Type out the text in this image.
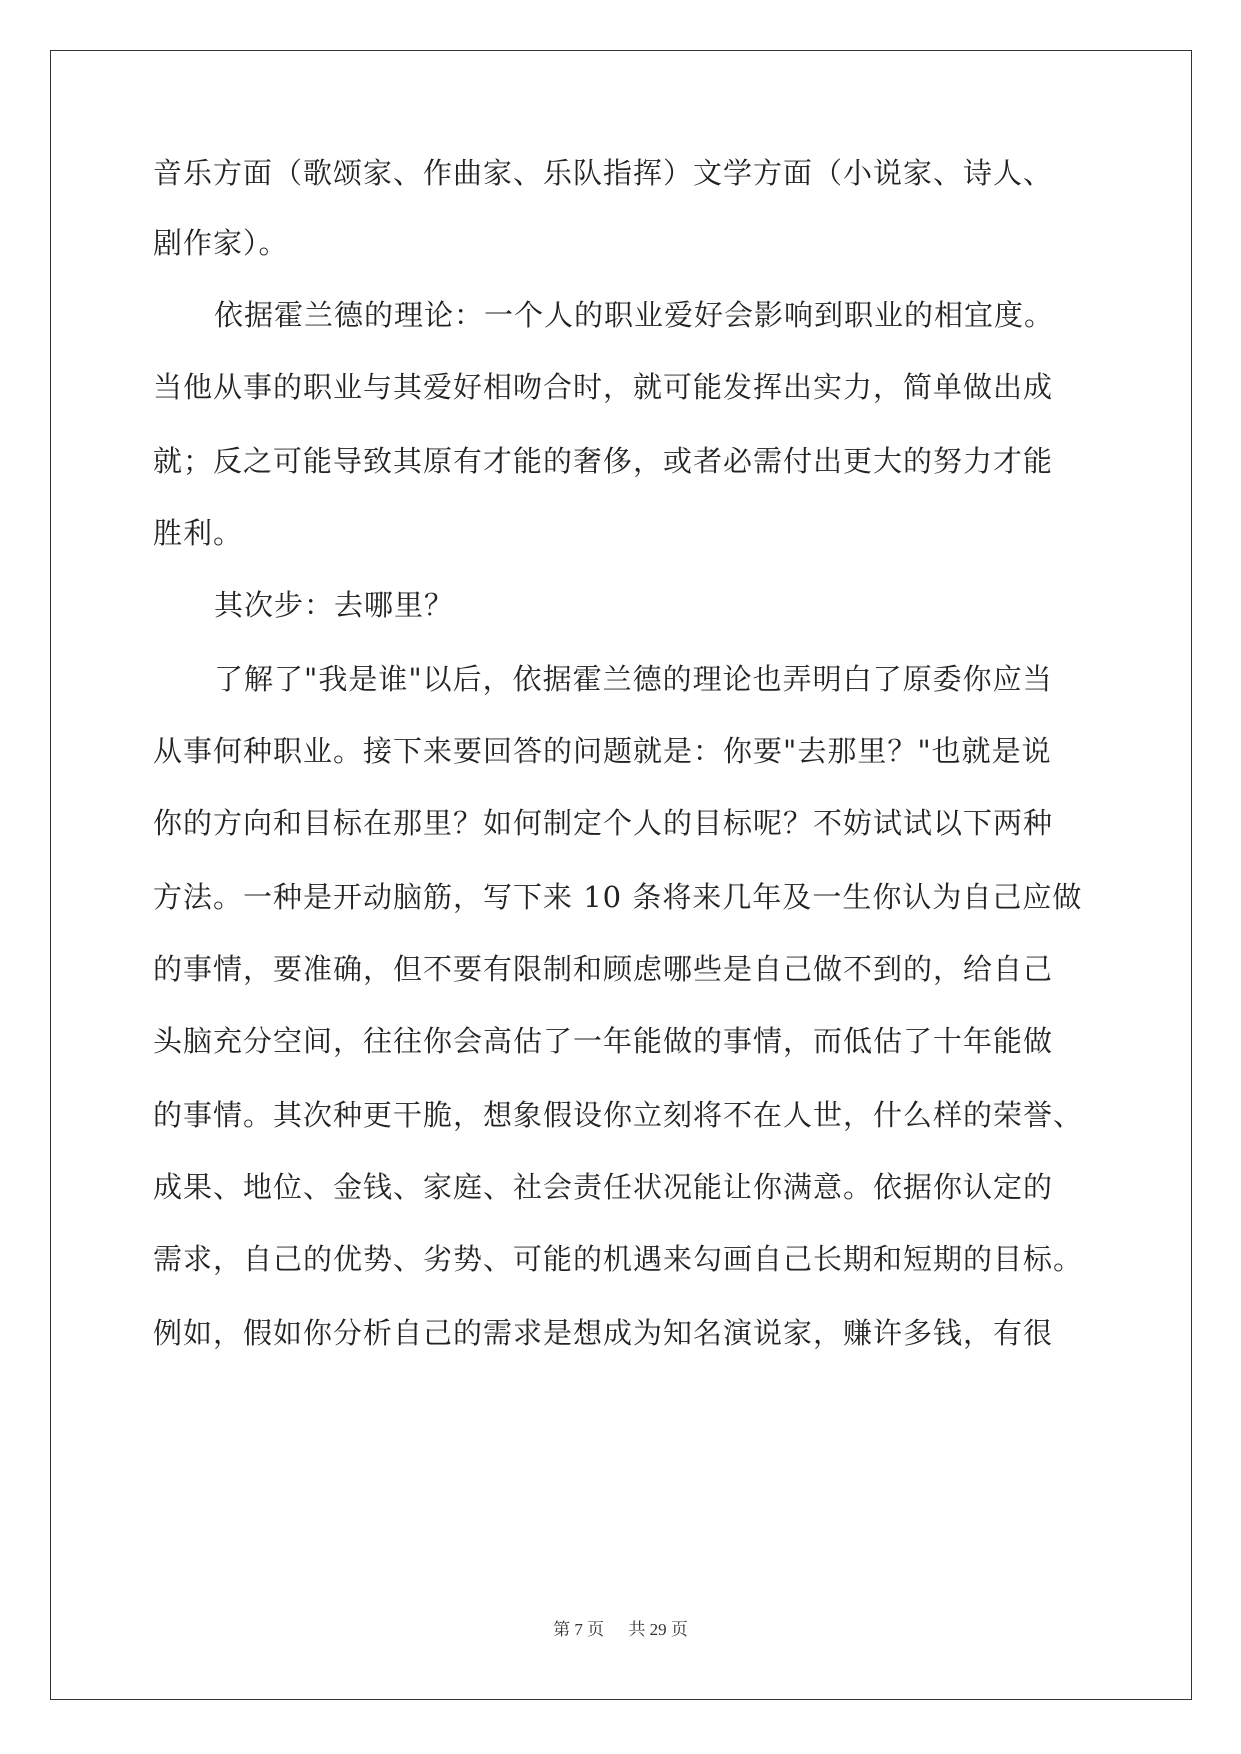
音乐方面（歌颂家、作曲家、乐队指挥）文学方面（小说家、诗人、
剧作家）。
依据霍兰德的理论：一个人的职业爱好会影响到职业的相宜度。
当他从事的职业与其爱好相吻合时，就可能发挥出实力，简单做出成
就；反之可能导致其原有才能的奢侈，或者必需付出更大的努力才能
胜利。
其次步：去哪里？
了解了"我是谁"以后，依据霍兰德的理论也弄明白了原委你应当
从事何种职业。接下来要回答的问题就是：你要"去那里？"也就是说
你的方向和目标在那里？如何制定个人的目标呢？不妨试试以下两种
方法。一种是开动脑筋，写下来 10 条将来几年及一生你认为自己应做
的事情，要准确，但不要有限制和顾虑哪些是自己做不到的，给自己
头脑充分空间，往往你会高估了一年能做的事情，而低估了十年能做
的事情。其次种更干脆，想象假设你立刻将不在人世，什么样的荣誉、
成果、地位、金钱、家庭、社会责任状况能让你满意。依据你认定的
需求，自己的优势、劣势、可能的机遇来勾画自己长期和短期的目标。
例如，假如你分析自己的需求是想成为知名演说家，赚许多钱，有很
第 7 页 共 29 页
